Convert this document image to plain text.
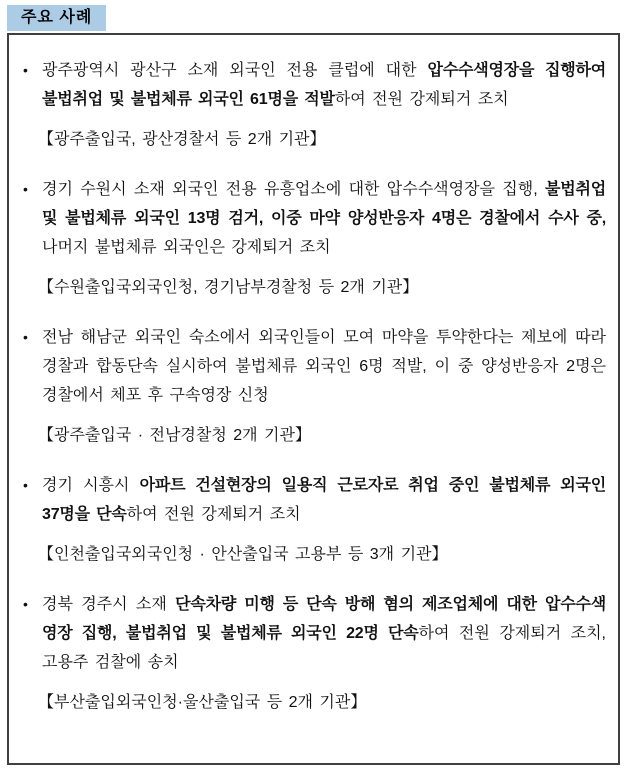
주요 사례
• 광주광역시 광산구 소재 외국인 전용 클럽에 대한 압수수색영장을 집행하여 불법취업 및 불법체류 외국인 61명을 적발하여 전원 강제퇴거 조치
【광주출입국, 광산경찰서 등 2개 기관】
• 경기 수원시 소재 외국인 전용 유흥업소에 대한 압수수색영장을 집행, 불법취업 및 불법체류 외국인 13명 검거, 이중 마약 양성반응자 4명은 경찰에서 수사 중, 나머지 불법체류 외국인은 강제퇴거 조치
【수원출입국외국인청, 경기남부경찰청 등 2개 기관】
• 전남 해남군 외국인 숙소에서 외국인들이 모여 마약을 투약한다는 제보에 따라 경찰과 합동단속 실시하여 불법체류 외국인 6명 적발, 이 중 양성반응자 2명은 경찰에서 체포 후 구속영장 신청
【광주출입국 · 전남경찰청 2개 기관】
• 경기 시흥시 아파트 건설현장의 일용직 근로자로 취업 중인 불법체류 외국인 37명을 단속하여 전원 강제퇴거 조치
【인천출입국외국인청 · 안산출입국 고용부 등 3개 기관】
• 경북 경주시 소재 단속차량 미행 등 단속 방해 혐의 제조업체에 대한 압수수색 영장 집행, 불법취업 및 불법체류 외국인 22명 단속하여 전원 강제퇴거 조치, 고용주 검찰에 송치
【부산출입외국인청·울산출입국 등 2개 기관】
